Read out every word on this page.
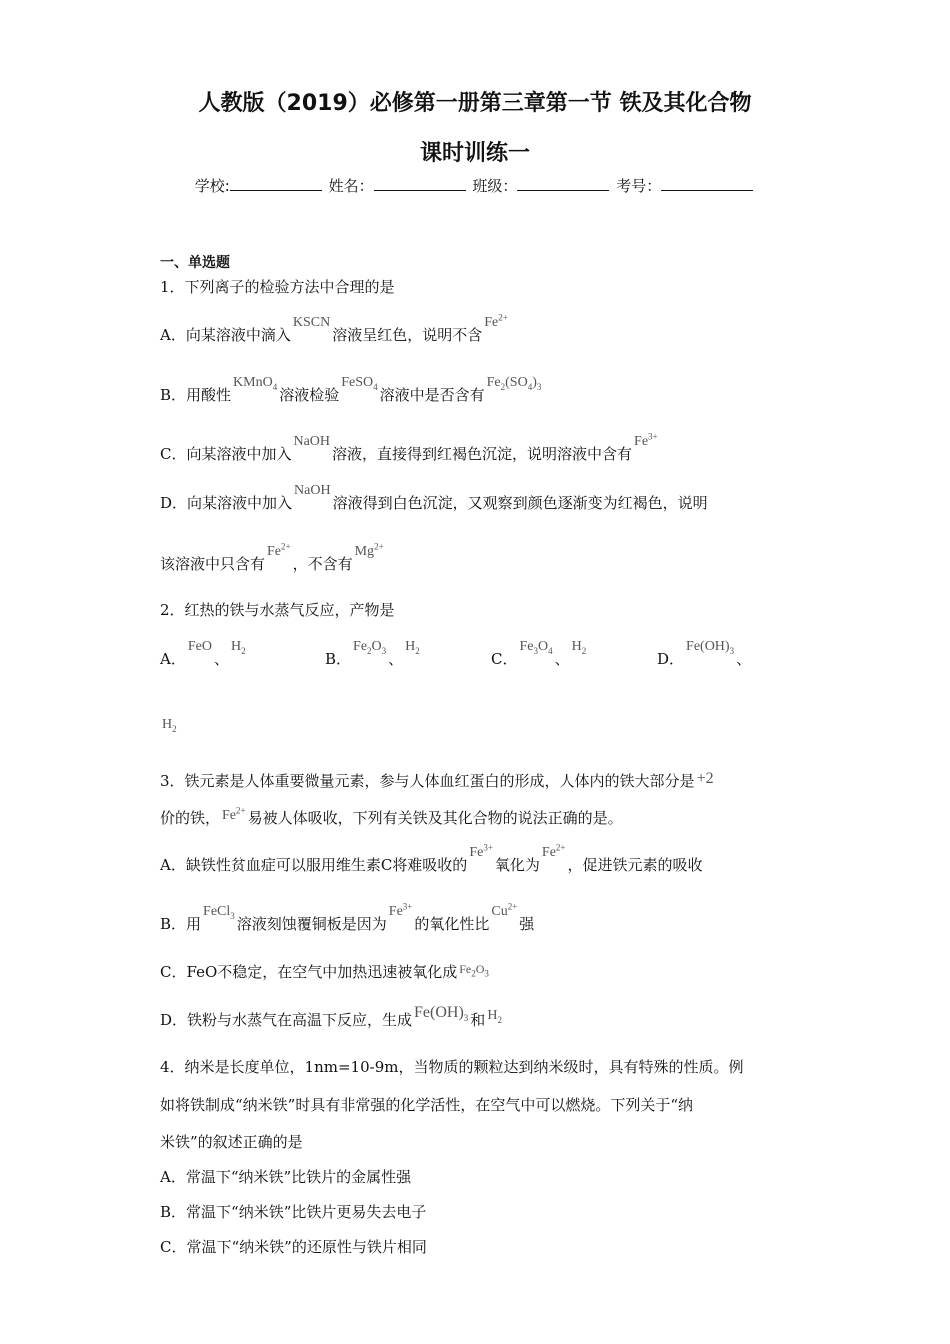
人教版（2019）必修第一册第三章第一节 铁及其化合物
课时训练一
学校:	姓名：	班级：	考号：
一、单选题
1．下列离子的检验方法中合理的是
A．向某溶液中滴入KSCN溶液呈红色，说明不含$Fe^{2+}$
B．用酸性KMnO$_4$ 溶液检验FeSO$_4$ 溶液中是否含有$Fe_2(SO_4)_3$
C．向某溶液中加入NaOH溶液，直接得到红褐色沉淀，说明溶液中含有$Fe^{3+}$
D．向某溶液中加入NaOH溶液得到白色沉淀，又观察到颜色逐渐变为红褐色，说明
该溶液中只含有$Fe^{2+}$，不含有$Mg^{2+}$
2．红热的铁与水蒸气反应，产物是
A．FeO、$H_2$	B．$Fe_2O_3$ 、$H_2$	C．$Fe_3O_4$ 、$H_2$	D．$Fe(OH)_3$ 、
$H_2$
3．铁元素是人体重要微量元素，参与人体血红蛋白的形成，人体内的铁大部分是 +2
价的铁， $Fe^{2+}$ 易被人体吸收，下列有关铁及其化合物的说法正确的是。
A．缺铁性贫血症可以服用维生素C将难吸收的$Fe^{3+}$氧化为$Fe^{2+}$，促进铁元素的吸收
B．用FeCl$_3$ 溶液刻蚀覆铜板是因为$Fe^{3+}$的氧化性比$Cu^{2+}$强
C．FeO不稳定，在空气中加热迅速被氧化成 $^{Fe_2O_3}$
D．铁粉与水蒸气在高温下反应，生成 $Fe(OH)_3$ 和 $H_2$
4．纳米是长度单位，1nm=10-9m，当物质的颗粒达到纳米级时，具有特殊的性质。例
如将铁制成“纳米铁”时具有非常强的化学活性，在空气中可以燃烧。下列关于“纳
米铁”的叙述正确的是
A．常温下“纳米铁”比铁片的金属性强
B．常温下“纳米铁”比铁片更易失去电子
C．常温下“纳米铁”的还原性与铁片相同
